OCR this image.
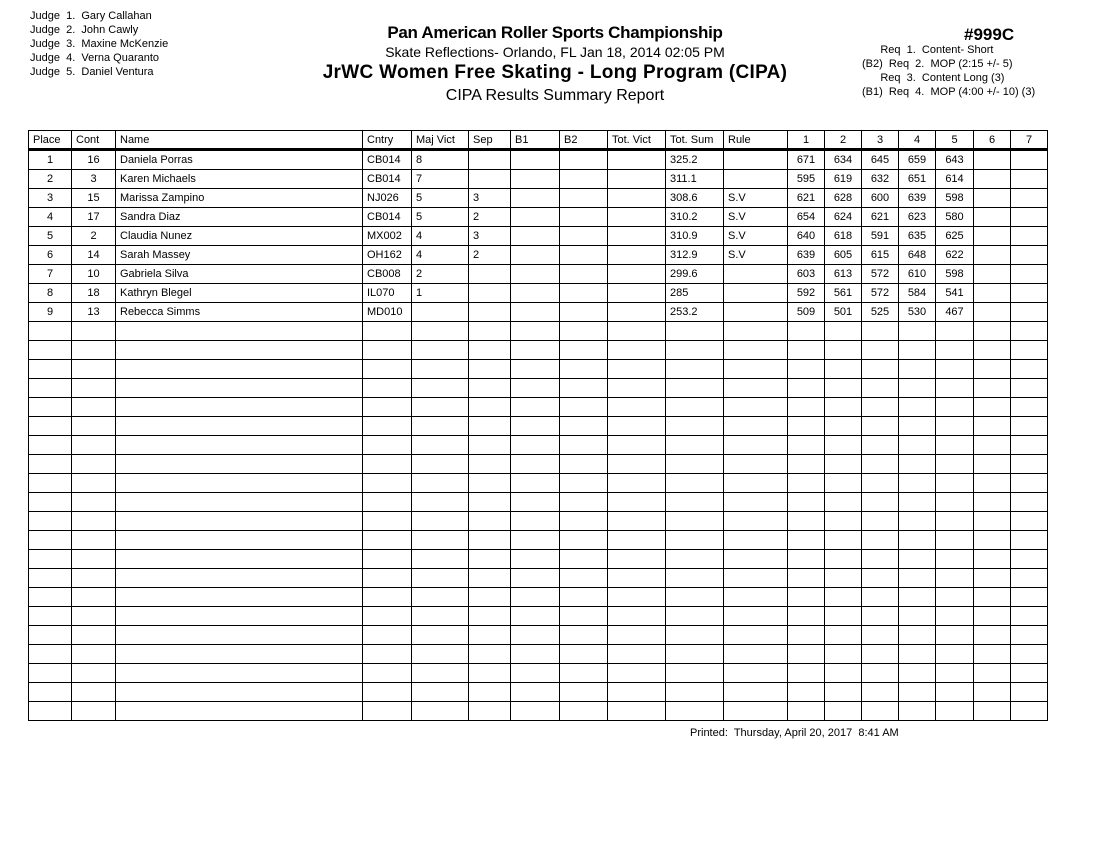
Judge  1.  Gary Callahan
Judge  2.  John Cawly
Judge  3.  Maxine McKenzie
Judge  4.  Verna Quaranto
Judge  5.  Daniel Ventura
Pan American Roller Sports Championship
Skate Reflections- Orlando, FL Jan 18, 2014 02:05 PM
JrWC Women Free Skating - Long Program (CIPA)
CIPA Results Summary Report
#999C
Req  1.  Content- Short
(B2)  Req  2.  MOP (2:15 +/- 5)
Req  3.  Content Long (3)
(B1)  Req  4.  MOP (4:00 +/- 10) (3)
Place	Cont	Name	Cntry	Maj Vict	Sep	B1	B2	Tot. Vict	Tot. Sum	Rule	1	2	3	4	5	6	7
1	16	Daniela Porras	CB014	8					325.2		671	634	645	659	643		
2	3	Karen Michaels	CB014	7					311.1		595	619	632	651	614		
3	15	Marissa Zampino	NJ026	5	3				308.6	S.V	621	628	600	639	598		
4	17	Sandra Diaz	CB014	5	2				310.2	S.V	654	624	621	623	580		
5	2	Claudia Nunez	MX002	4	3				310.9	S.V	640	618	591	635	625		
6	14	Sarah Massey	OH162	4	2				312.9	S.V	639	605	615	648	622		
7	10	Gabriela Silva	CB008	2					299.6		603	613	572	610	598		
8	18	Kathryn Blegel	IL070	1					285		592	561	572	584	541		
9	13	Rebecca Simms	MD010						253.2		509	501	525	530	467		

Printed:  Thursday, April 20, 2017  8:41 AM
